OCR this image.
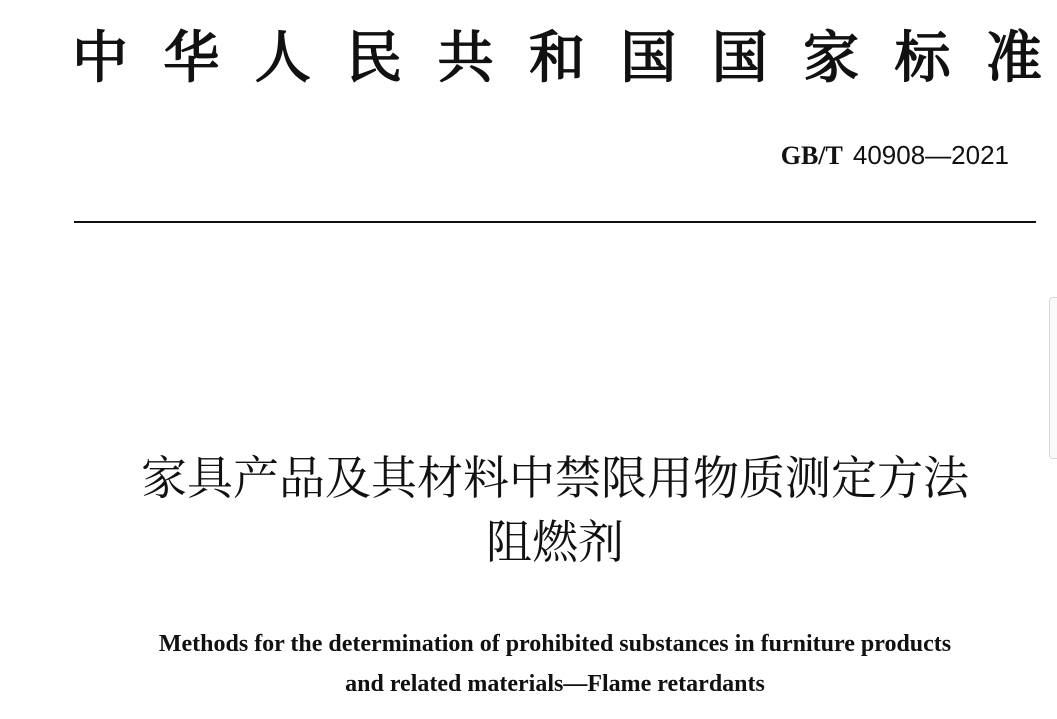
中 华 人 民 共 和 国 国 家 标 准
GB/T 40908—2021
家具产品及其材料中禁限用物质测定方法
阻燃剂
Methods for the determination of prohibited substances in furniture products
and related materials—Flame retardants
